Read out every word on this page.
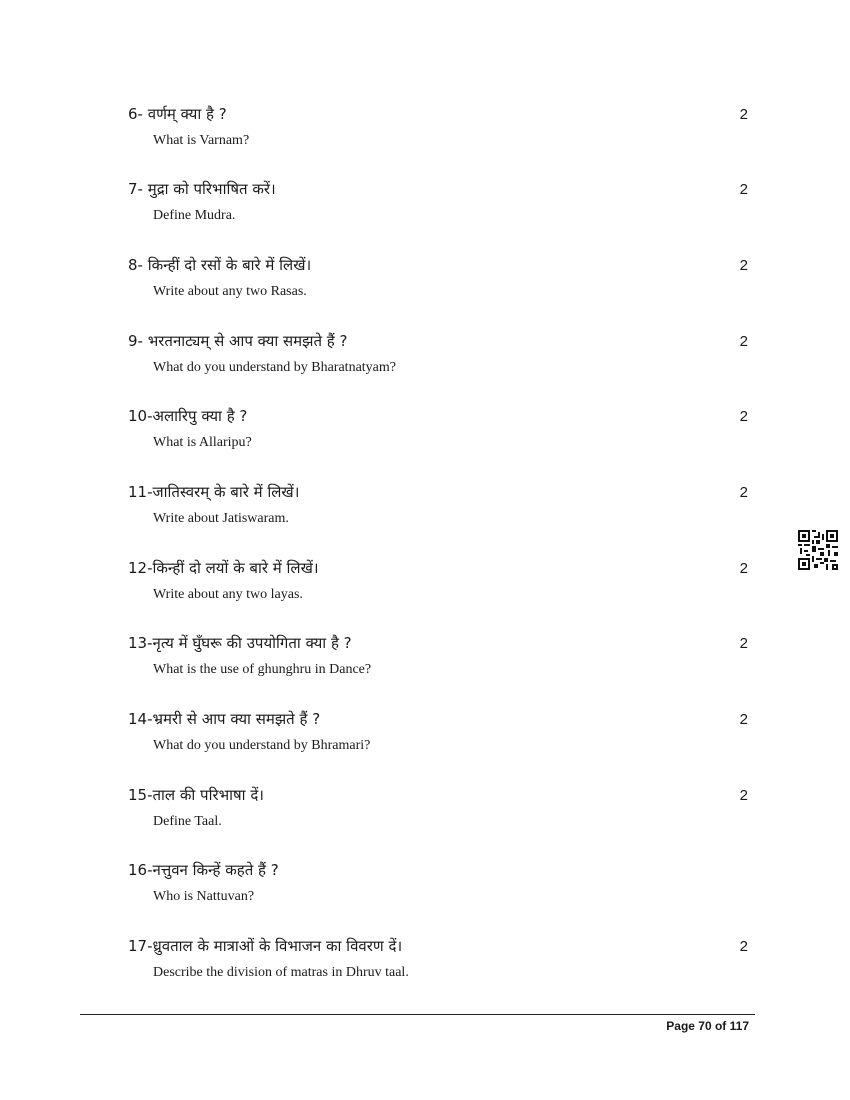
6- वर्णम् क्या है ?
What is Varnam?
2
7- मुद्रा को परिभाषित करें।
Define Mudra.
2
8- किन्हीं दो रसों के बारे में लिखें।
Write about any two Rasas.
2
9- भरतनाट्यम् से आप क्या समझते हैं ?
What do you understand by Bharatnatyam?
2
10-अलारिपु क्या है ?
What is Allaripu?
2
11-जातिस्वरम् के बारे में लिखें।
Write about Jatiswaram.
2
12-किन्हीं दो लयों के बारे में लिखें।
Write about any two layas.
2
13-नृत्य में घुँघरू की उपयोगिता क्या है ?
What is the use of ghunghru in Dance?
2
14-भ्रमरी से आप क्या समझते हैं ?
What do you understand by Bhramari?
2
15-ताल की परिभाषा दें।
Define Taal.
2
16-नत्तुवन किन्हें कहते हैं ?
Who is Nattuvan?
17-ध्रुवताल के मात्राओं के विभाजन का विवरण दें।
Describe the division of matras in Dhruv taal.
2
Page 70 of 117
